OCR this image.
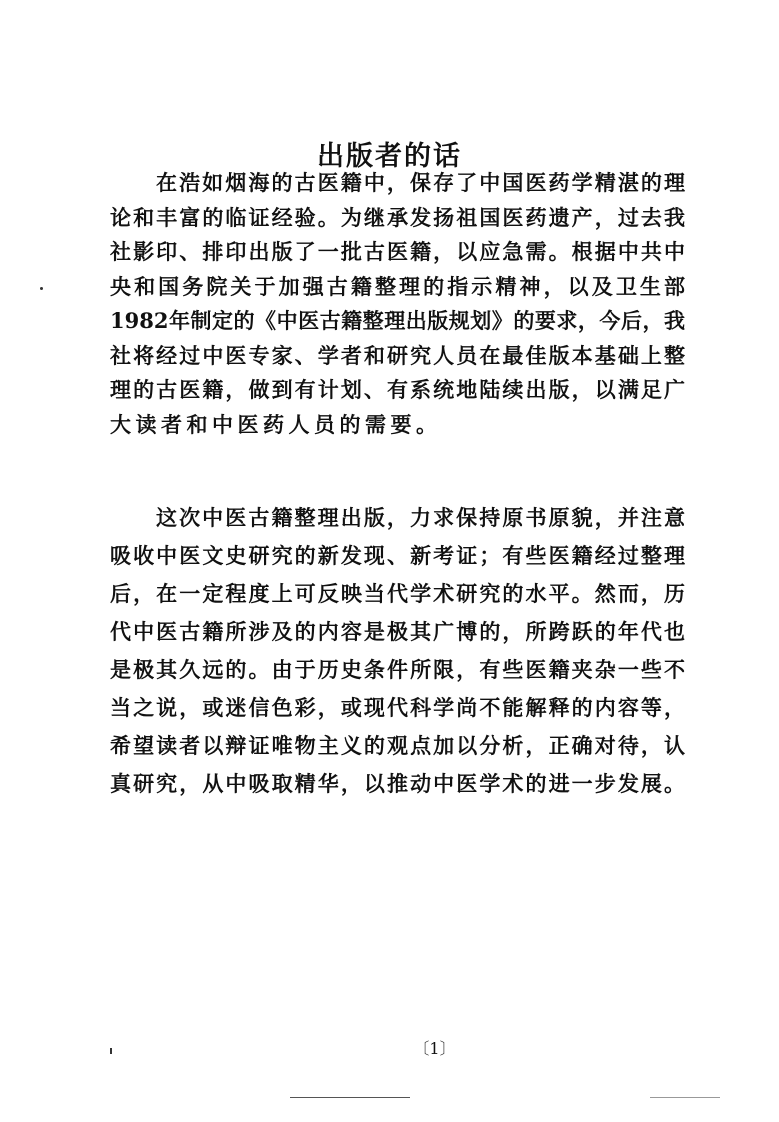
出版者的话
在浩如烟海的古医籍中，保存了中国医药学精湛的理
论和丰富的临证经验。为继承发扬祖国医药遗产，过去我
社影印、排印出版了一批古医籍，以应急需。根据中共中
央和国务院关于加强古籍整理的指示精神，以及卫生部
1982年制定的《中医古籍整理出版规划》的要求，今后，我
社将经过中医专家、学者和研究人员在最佳版本基础上整
理的古医籍，做到有计划、有系统地陆续出版，以满足广
大读者和中医药人员的需要。
这次中医古籍整理出版，力求保持原书原貌，并注意
吸收中医文史研究的新发现、新考证；有些医籍经过整理
后，在一定程度上可反映当代学术研究的水平。然而，历
代中医古籍所涉及的内容是极其广博的，所跨跃的年代也
是极其久远的。由于历史条件所限，有些医籍夹杂一些不
当之说，或迷信色彩，或现代科学尚不能解释的内容等，
希望读者以辩证唯物主义的观点加以分析，正确对待，认
真研究，从中吸取精华，以推动中医学术的进一步发展。
〔1〕
